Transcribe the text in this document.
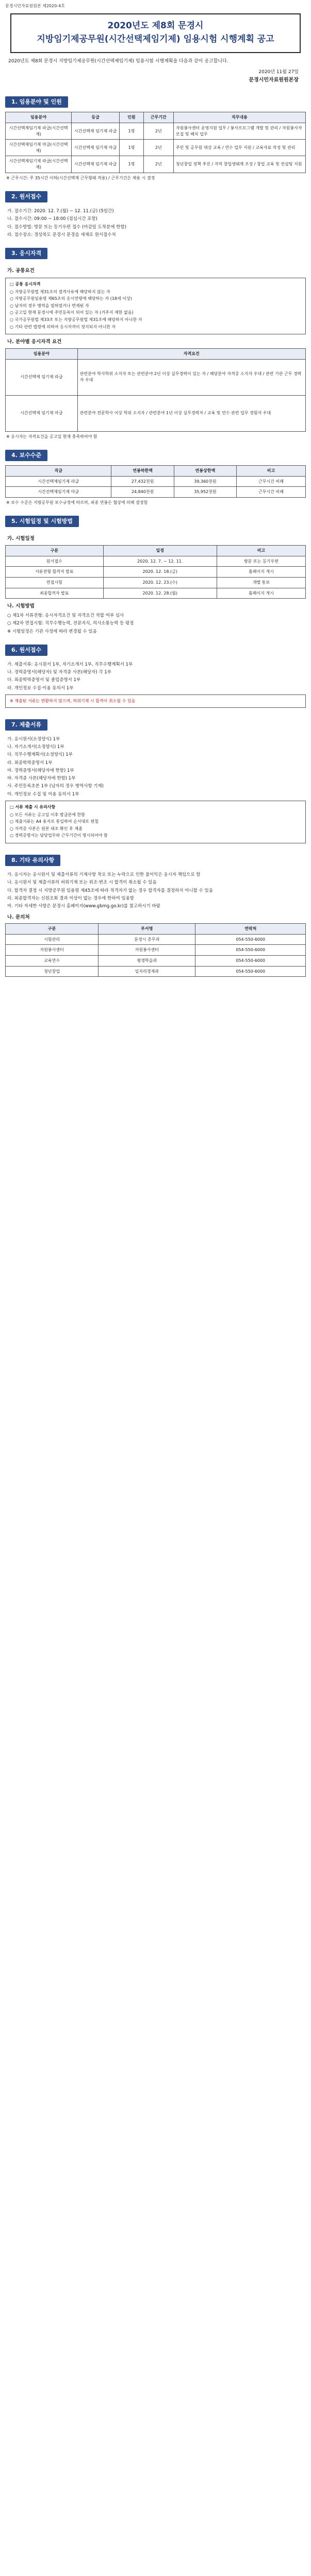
문경시민자료원원본 제2020-4호
2020년도 제8회 문경시
지방임기제공무원(시간선택제임기제) 임용시험 시행계획 공고
2020년도 제8회 문경시 지방임기제공무원(시간선택제임기제) 임용시험 시행계획을 다음과 같이 공고합니다.
2020년 11월 27일
문경시민자료원원본장
1. 임용분야 및 인원
임용분야	등급	인원	근무기간	직무내용
시간선택제임기제 라급(시간선택제)	시간선택제 임기제 라급	1명	2년	자원봉사센터 운영지원 업무 / 봉사프로그램 개발 및 관리 / 자원봉사자 모집 및 배치 업무
시간선택제임기제 마급(시간선택제)	시간선택제 임기제 마급	1명	2년	주민 및 공무원 대상 교육 / 연수 업무 지원 / 교육자료 작성 및 관리
시간선택제임기제 라급(시간선택제)	시간선택제 임기제 라급	1명	2년	청년창업 정책 추진 / 지역 창업생태계 조성 / 창업 교육 및 컨설팅 지원
※ 근무시간: 주 35시간 이하(시간선택제 근무형태 적용) / 근무기간은 채용 시 결정
2. 원서접수
가. 접수기간: 2020. 12. 7.(월) ~ 12. 11.(금) (5일간)
나. 접수시간: 09:00 ~ 18:00 (점심시간 포함)
다. 접수방법: 방문 또는 등기우편 접수 (마감일 도착분에 한함)
라. 접수장소: 경상북도 문경시 문경읍 새재로 원서접수처
3. 응시자격
가. 공통요건
□ 공통 응시자격

○ 지방공무원법 제31조의 결격사유에 해당하지 않는 자

○ 지방공무원임용령 제65조의 응시연령에 해당하는 자 (18세 이상)

○ 남자의 경우 병역을 필하였거나 면제된 자

○ 공고일 현재 문경시에 주민등록이 되어 있는 자 (거주지 제한 없음)

○ 국가공무원법 제33조 또는 지방공무원법 제31조에 해당하지 아니한 자

○ 기타 관련 법령에 의하여 응시자격이 정지되지 아니한 자

나. 분야별 응시자격 요건
임용분야	자격요건
시간선택제 임기제 라급	관련분야 학사학위 소지자 또는 관련분야 2년 이상 실무경력이 있는 자 / 해당분야 자격증 소지자 우대 / 관련 기관 근무 경력자 우대
시간선택제 임기제 마급	관련분야 전문학사 이상 학위 소지자 / 관련분야 1년 이상 실무경력자 / 교육 및 연수 관련 업무 경험자 우대
※ 응시자는 자격요건을 공고일 현재 충족하여야 함
4. 보수수준
직급	연봉하한액	연봉상한액	비고
시간선택제임기제 라급	27,432천원	39,360천원	근무시간 비례
시간선택제임기제 마급	24,840천원	35,952천원	근무시간 비례
※ 보수 수준은 지방공무원 보수규정에 따르며, 최종 연봉은 협상에 의해 결정함
5. 시험일정 및 시험방법
가. 시험일정
구분	일정	비고
원서접수	2020. 12. 7. ~ 12. 11.	방문 또는 등기우편
서류전형 합격자 발표	2020. 12. 18.(금)	홈페이지 게시
면접시험	2020. 12. 23.(수)	개별 통보
최종합격자 발표	2020. 12. 28.(월)	홈페이지 게시
나. 시험방법
○ 제1차 서류전형: 응시자격요건 및 자격요건 적합 여부 심사
○ 제2차 면접시험: 직무수행능력, 전문지식, 의사소통능력 등 평정
※ 시험일정은 기관 사정에 따라 변경될 수 있음
6. 원서접수
가. 제출서류: 응시원서 1부, 자기소개서 1부, 직무수행계획서 1부
나. 경력증명서(해당자) 및 자격증 사본(해당자) 각 1부
다. 최종학력증명서 및 졸업증명서 1부
라. 개인정보 수집·이용 동의서 1부
※ 제출된 서류는 반환하지 않으며, 허위기재 시 합격이 취소될 수 있음
7. 제출서류
가. 응시원서(소정양식) 1부
나. 자기소개서(소정양식) 1부
다. 직무수행계획서(소정양식) 1부
라. 최종학력증명서 1부
마. 경력증명서(해당자에 한함) 1부
바. 자격증 사본(해당자에 한함) 1부
사. 주민등록초본 1부 (남자의 경우 병역사항 기재)
아. 개인정보 수집 및 이용 동의서 1부
□ 서류 제출 시 유의사항

○ 모든 서류는 공고일 이후 발급분에 한함

○ 제출서류는 A4 용지로 통일하여 순서대로 편철

○ 자격증 사본은 원본 대조 확인 후 제출

○ 경력증명서는 담당업무와 근무기간이 명시되어야 함

8. 기타 유의사항
가. 응시자는 응시원서 및 제출서류의 기재사항 착오 또는 누락으로 인한 불이익은 응시자 책임으로 함
나. 응시원서 및 제출서류의 허위기재 또는 위조·변조 시 합격이 취소될 수 있음
다. 합격자 결정 시 지방공무원 임용령 제45조에 따라 적격자가 없는 경우 합격자를 결정하지 아니할 수 있음
라. 최종합격자는 신원조회 결과 이상이 없는 경우에 한하여 임용함
마. 기타 자세한 사항은 문경시 홈페이지(www.gbmg.go.kr)를 참고하시기 바람
나. 문의처
구분	부서명	연락처
시험관리	문경시 총무과	054-550-6000
자원봉사센터	자원봉사센터	054-550-6000
교육연수	평생학습과	054-550-6000
청년창업	일자리경제과	054-550-6000
